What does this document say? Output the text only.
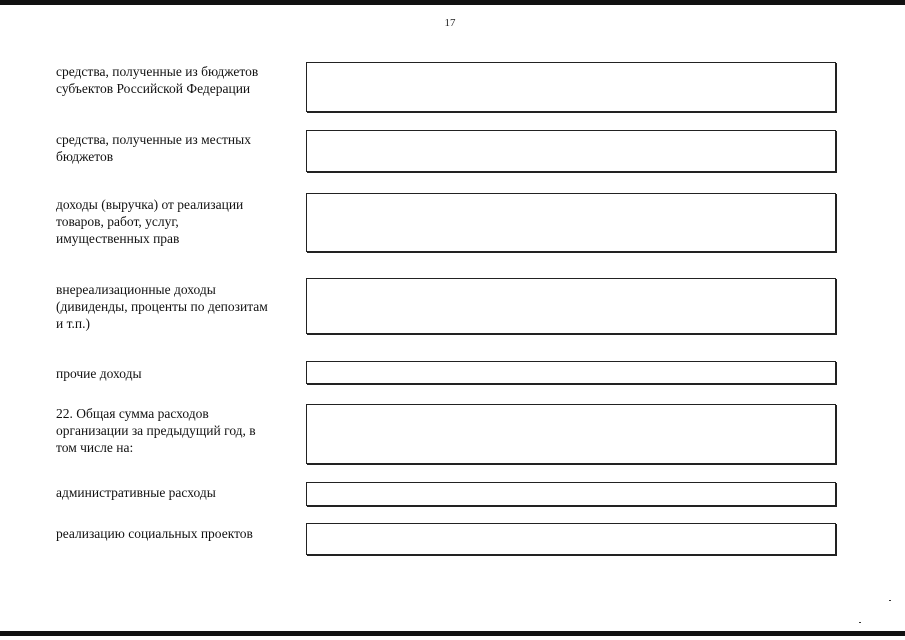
17
средства, полученные из бюджетов
субъектов Российской Федерации
средства, полученные из местных
бюджетов
доходы (выручка) от реализации
товаров, работ, услуг,
имущественных прав
внереализационные доходы
(дивиденды, проценты по депозитам
и т.п.)
прочие доходы
22. Общая сумма расходов
организации за предыдущий год, в
том числе на:
административные расходы
реализацию социальных проектов
